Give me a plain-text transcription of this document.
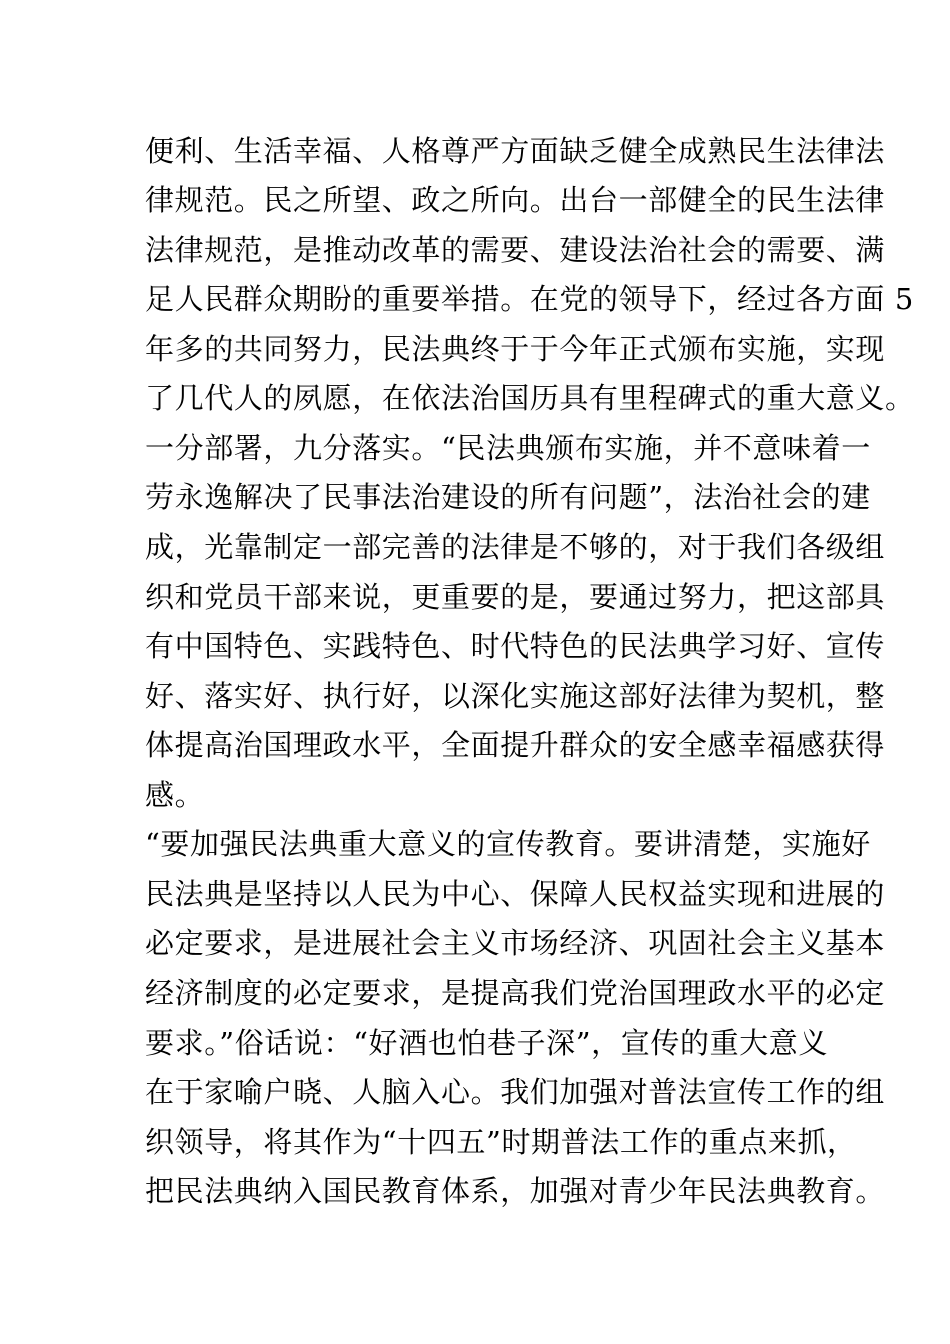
便利、生活幸福、人格尊严方面缺乏健全成熟民生法律法
律规范。民之所望、政之所向。出台一部健全的民生法律
法律规范，是推动改革的需要、建设法治社会的需要、满
足人民群众期盼的重要举措。在党的领导下，经过各方面 5
年多的共同努力，民法典终于于今年正式颁布实施，实现
了几代人的夙愿，在依法治国历具有里程碑式的重大意义。
一分部署，九分落实。“民法典颁布实施，并不意味着一
劳永逸解决了民事法治建设的所有问题”，法治社会的建
成，光靠制定一部完善的法律是不够的，对于我们各级组
织和党员干部来说，更重要的是，要通过努力，把这部具
有中国特色、实践特色、时代特色的民法典学习好、宣传
好、落实好、执行好，以深化实施这部好法律为契机，整
体提高治国理政水平，全面提升群众的安全感幸福感获得
感。
“要加强民法典重大意义的宣传教育。要讲清楚，实施好
民法典是坚持以人民为中心、保障人民权益实现和进展的
必定要求，是进展社会主义市场经济、巩固社会主义基本
经济制度的必定要求，是提高我们党治国理政水平的必定
要求。”俗话说：“好酒也怕巷子深”，宣传的重大意义
在于家喻户晓、人脑入心。我们加强对普法宣传工作的组
织领导，将其作为“十四五”时期普法工作的重点来抓，
把民法典纳入国民教育体系，加强对青少年民法典教育。
